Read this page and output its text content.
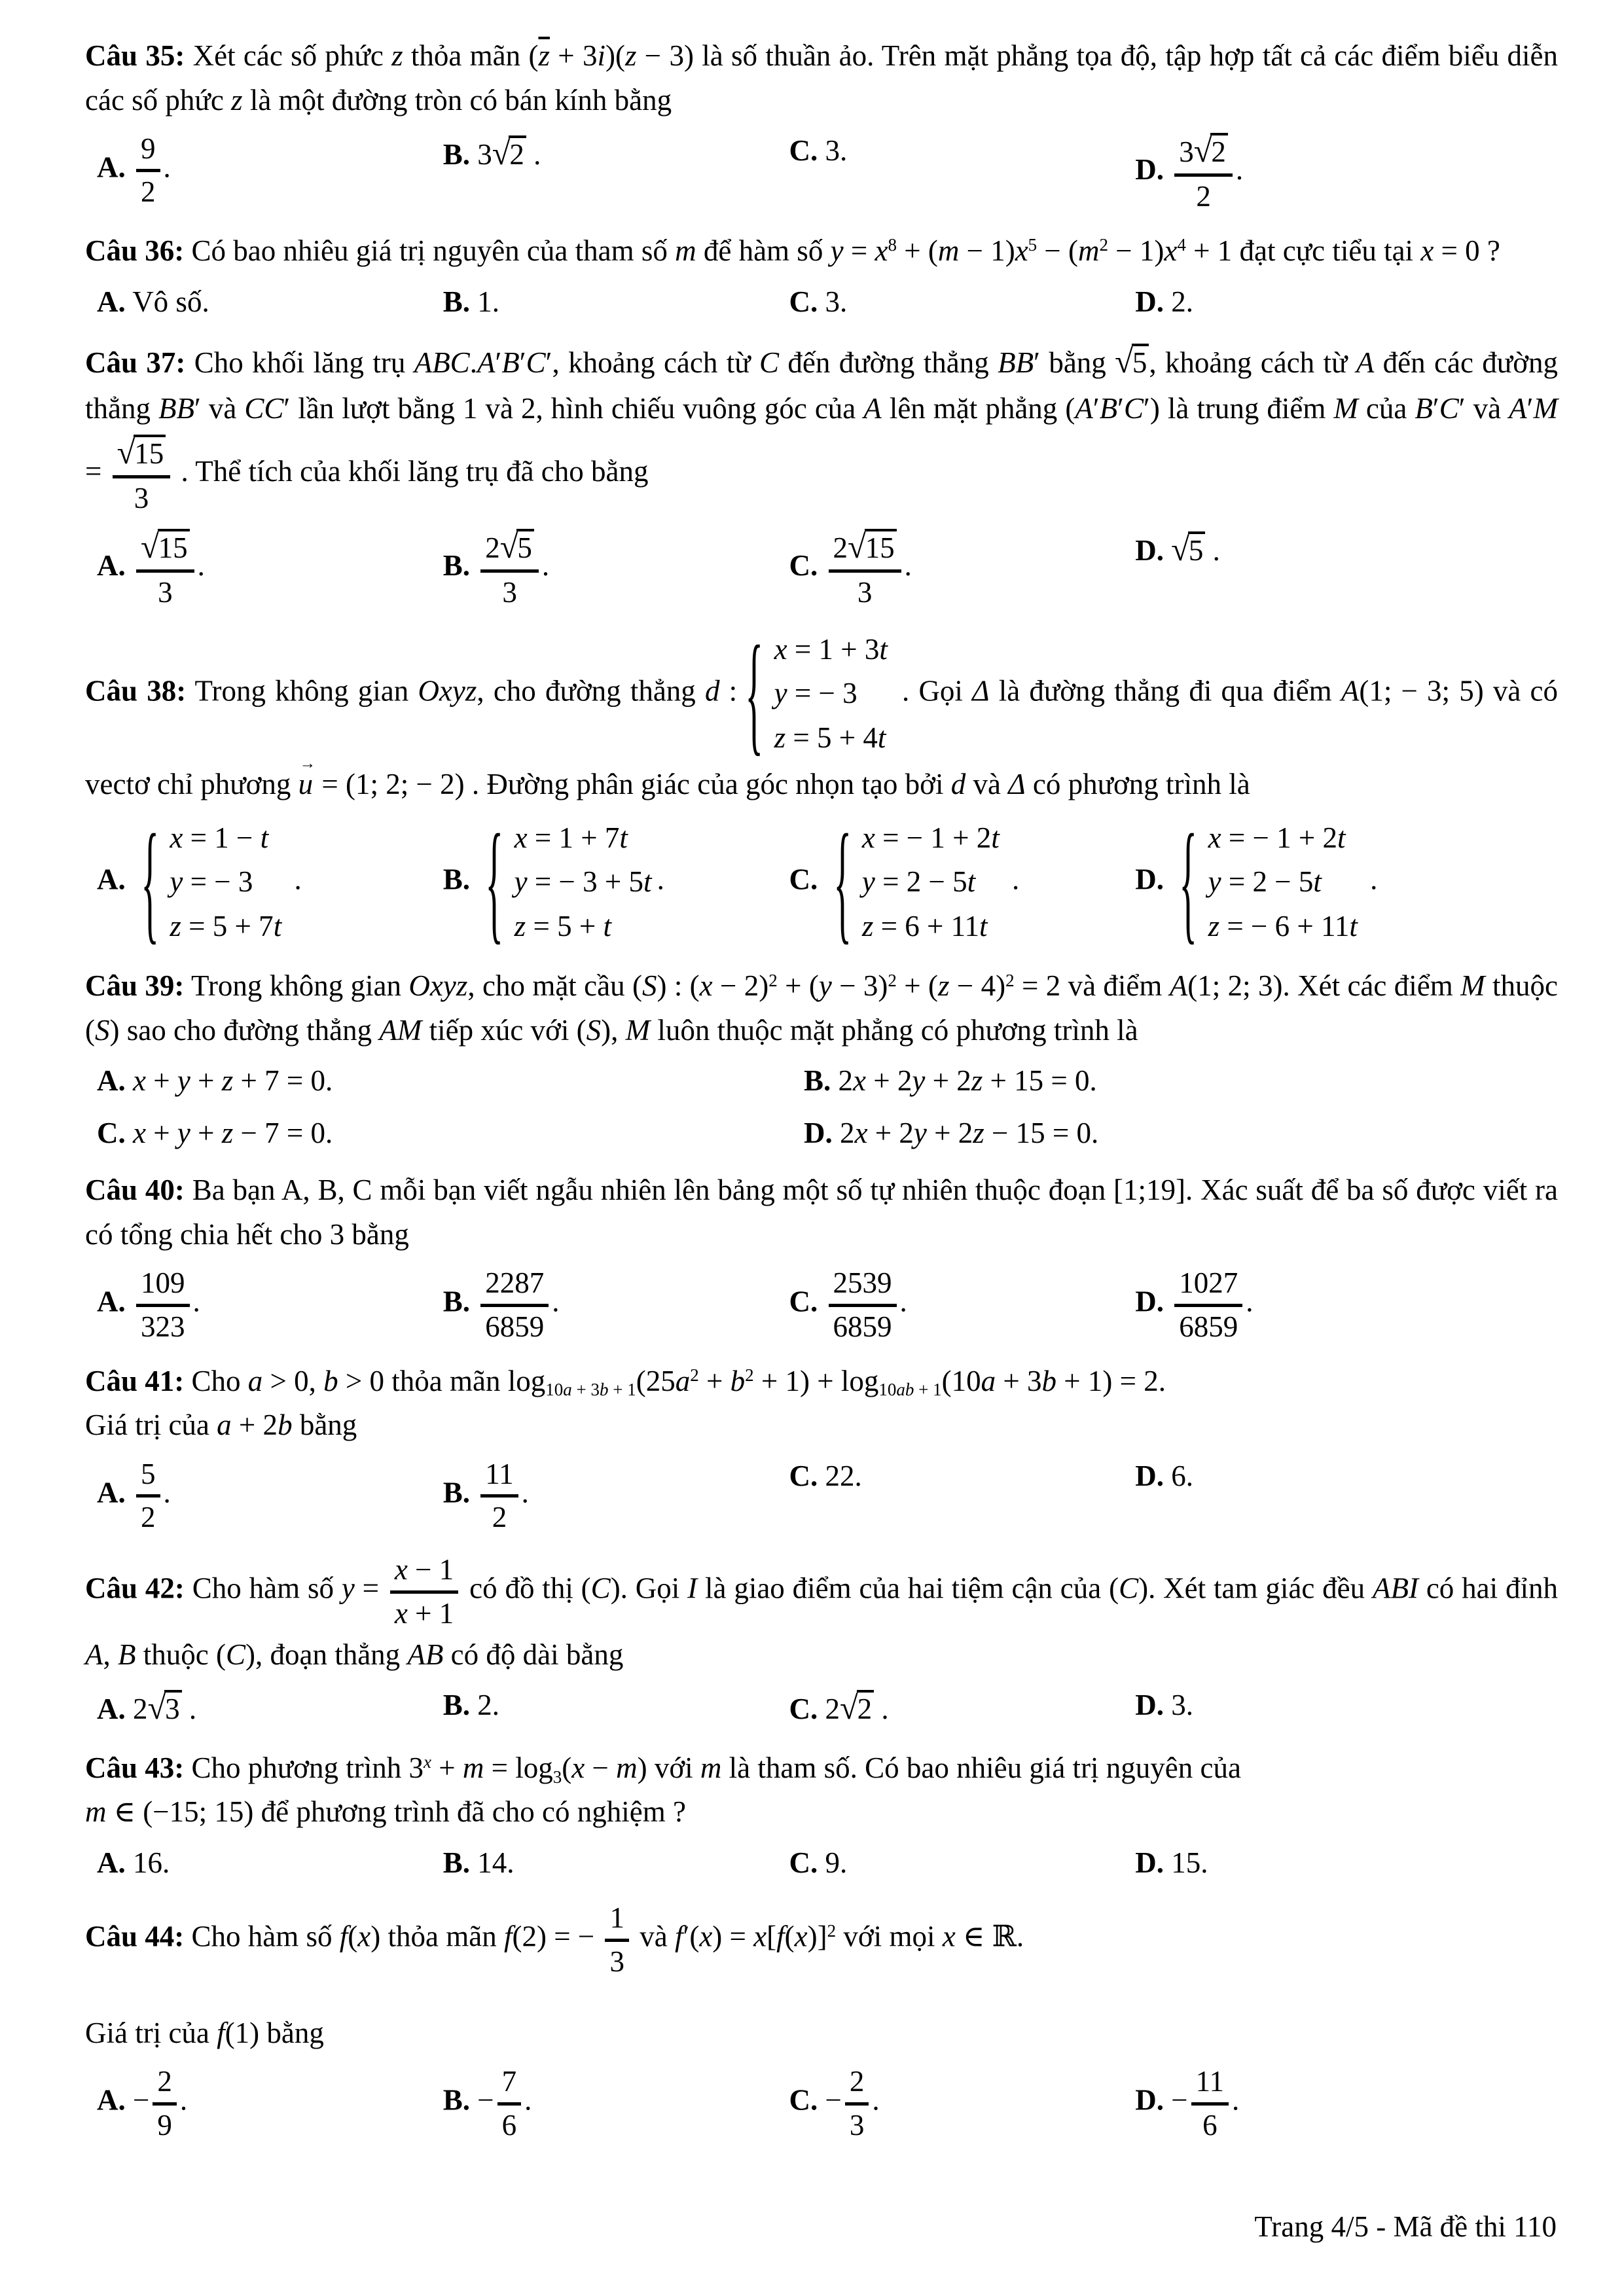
Câu 35: Xét các số phức z thỏa mãn $(\overline{z} + 3i)(z - 3)$ là số thuần ảo. Trên mặt phẳng tọa độ, tập hợp tất cả các điểm biểu diễn các số phức z là một đường tròn có bán kính bằng

A. $\frac{9}{2}$ .	B. 3√2 .	C. 3.
D. $\frac{3√2}{2}$ .

Câu 36: Có bao nhiêu giá trị nguyên của tham số m để hàm số $y = x^8 + (m - 1)x^5 - (m^2 - 1)x^4 + 1$ đạt cực tiểu tại x = 0 ?

A. Vô số.	B. 1.	C. 3.	D. 2.

Câu 37: Cho khối lăng trụ ABC.A′B′C′, khoảng cách từ C đến đường thẳng BB′ bằng √5, khoảng cách từ A đến các đường thẳng BB′ và CC′ lần lượt bằng 1 và 2, hình chiếu vuông góc của A lên mặt phẳng (A′B′C′) là trung điểm M của B′C′ và $A'M = \frac{√15}{3}$ . Thể tích của khối lăng trụ đã cho bằng

A. $\frac{√15}{3}$ .	B. $\frac{2√5}{3}$ .	C. $\frac{2√15}{3}$ .	D. √5 .

Câu 38: Trong không gian Oxyz, cho đường thẳng d : { x = 1 + 3t
y = − 3
z = 5 + 4t
. Gọi Δ là đường thẳng đi qua điểm A(1; − 3; 5) và có vectơ chỉ phương u → = (1; 2; − 2) . Đường phân giác của góc nhọn tạo bởi d và Δ có phương trình là

A. { x = 1 − t
y = − 3
z = 5 + 7t
.	B. { x = 1 + 7t
y = − 3 + 5t
z = 5 + t
.	C. { x = − 1 + 2t
y = 2 − 5t
z = 6 + 11t
.	D. { x = − 1 + 2t
y = 2 − 5t
z = − 6 + 11t
.

Câu 39: Trong không gian Oxyz, cho mặt cầu (S) : $(x - 2)^2 + (y - 3)^2 + (z - 4)^2 = 2$ và điểm A(1; 2; 3). Xét các điểm M thuộc (S) sao cho đường thẳng AM tiếp xúc với (S), M luôn thuộc mặt phẳng có phương trình là

A. x + y + z + 7 = 0.	B. 2x + 2y + 2z + 15 = 0.
C. x + y + z − 7 = 0.	D. 2x + 2y + 2z − 15 = 0.

Câu 40: Ba bạn A, B, C mỗi bạn viết ngẫu nhiên lên bảng một số tự nhiên thuộc đoạn [1;19]. Xác suất để ba số được viết ra có tổng chia hết cho 3 bằng

A. $\frac{109}{323}$ .	B. $\frac{2287}{6859}$ .	C. $\frac{2539}{6859}$ .	D. $\frac{1027}{6859}$ .

Câu 41: Cho a > 0, b > 0 thỏa mãn $\log_{10a + 3b + 1}(25a^2 + b^2 + 1) + \log_{10ab + 1}(10a + 3b + 1) = 2$.

Giá trị của a + 2b bằng

A. $\frac{5}{2}$ .	B. $\frac{11}{2}$ .
C. 22.	D. 6.

Câu 42: Cho hàm số $y = \frac{x - 1}{x + 1}$ có đồ thị (C). Gọi I là giao điểm của hai tiệm cận của (C). Xét tam giác đều ABI có hai đỉnh A, B thuộc (C), đoạn thẳng AB có độ dài bằng

A. 2√3 .	B. 2.	C. 2√2 .	D. 3.

Câu 43: Cho phương trình $3^x + m = \log_3(x - m)$ với m là tham số. Có bao nhiêu giá trị nguyên của

m ∈ (−15; 15) để phương trình đã cho có nghiệm ?

A. 16.	B. 14.	C. 9.	D. 15.

Câu 44: Cho hàm số f(x) thỏa mãn f(2) = − $\frac{1}{3}$ và $f'(x) = x[f(x)]^2$ với mọi x ∈ ℝ.

Giá trị của f(1) bằng

A. − $\frac{2}{9}$ .	B. − $\frac{7}{6}$ .	C. − $\frac{2}{3}$ .	D. − $\frac{11}{6}$ .
Trang 4/5 - Mã đề thi 110
